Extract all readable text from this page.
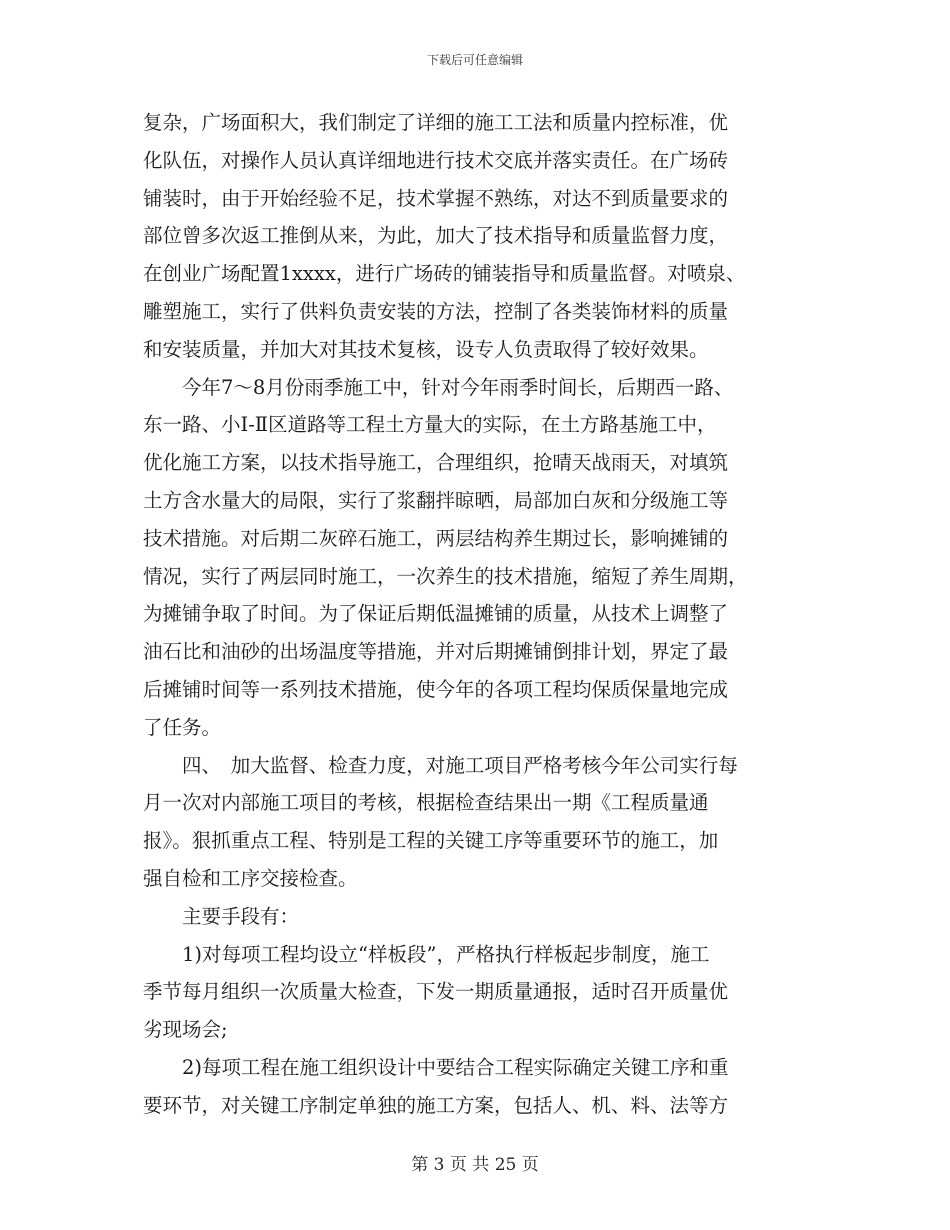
下载后可任意编辑
复杂，广场面积大，我们制定了详细的施工工法和质量内控标准，优
化队伍，对操作人员认真详细地进行技术交底并落实责任。在广场砖
铺装时，由于开始经验不足，技术掌握不熟练，对达不到质量要求的
部位曾多次返工推倒从来，为此，加大了技术指导和质量监督力度，
在创业广场配置1xxxx，进行广场砖的铺装指导和质量监督。对喷泉、
雕塑施工，实行了供料负责安装的方法，控制了各类装饰材料的质量
和安装质量，并加大对其技术复核，设专人负责取得了较好效果。
　　今年7～8月份雨季施工中，针对今年雨季时间长，后期西一路、
东一路、小Ⅰ-Ⅱ区道路等工程土方量大的实际，在土方路基施工中，
优化施工方案，以技术指导施工，合理组织，抢晴天战雨天，对填筑
土方含水量大的局限，实行了浆翻拌晾晒，局部加白灰和分级施工等
技术措施。对后期二灰碎石施工，两层结构养生期过长，影响摊铺的
情况，实行了两层同时施工，一次养生的技术措施，缩短了养生周期，
为摊铺争取了时间。为了保证后期低温摊铺的质量，从技术上调整了
油石比和油砂的出场温度等措施，并对后期摊铺倒排计划，界定了最
后摊铺时间等一系列技术措施，使今年的各项工程均保质保量地完成
了任务。
　　四、　加大监督、检查力度，对施工项目严格考核今年公司实行每
月一次对内部施工项目的考核，根据检查结果出一期《工程质量通
报》。狠抓重点工程、特别是工程的关键工序等重要环节的施工，加
强自检和工序交接检查。
　　主要手段有：
　　1)对每项工程均设立“样板段”，严格执行样板起步制度，施工
季节每月组织一次质量大检查，下发一期质量通报，适时召开质量优
劣现场会;
　　2)每项工程在施工组织设计中要结合工程实际确定关键工序和重
要环节，对关键工序制定单独的施工方案，包括人、机、料、法等方
第 3 页 共 25 页
